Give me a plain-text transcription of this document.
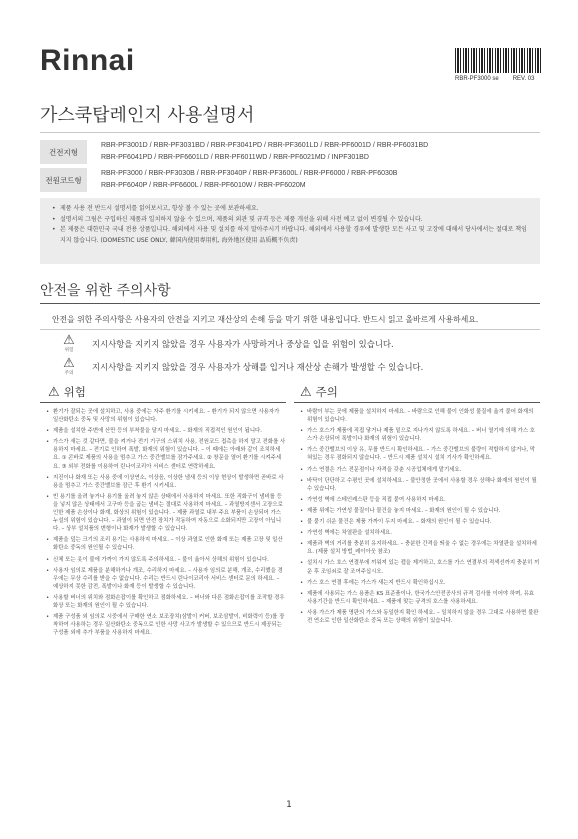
Rinnai
RBR-PF3000 se REV. 03
가스쿡탑레인지 사용설명서
건전지형
RBR-PF3001D / RBR-PF3031BD / RBR-PF3041PD / RBR-PF3601LD / RBR-PF6001D / RBR-PF6031BD
RBR-PF6041PD / RBR-PF6601LD / RBR-PF6011WD / RBR-PF6021MD / INPF301BD
전원코드형
RBR-PF3000 / RBR-PF3030B / RBR-PF3040P / RBR-PF3600L / RBR-PF6000 / RBR-PF6030B
RBR-PF6040P / RBR-PF6600L / RBR-PF6010W / RBR-PF6020M
• 제품 사용 전 반드시 설명서를 읽어보시고, 항상 볼 수 있는 곳에 보관하세요.
• 설명서의 그림은 구입하신 제품과 일치하지 않을 수 있으며, 제품의 외관 및 규격 등은 제품 개선을 위해 사전 예고 없이 변경될 수 있습니다.
• 본 제품은 대한민국 국내 전용 상품입니다. 해외에서 사용 및 설치를 하지 말아주시기 바랍니다. 해외에서 사용할 경우에 발생한 모든 사고 및 고장에 대해서 당사에서는 절대로 책임지지 않습니다. (DOMESTIC USE ONLY, 韓国内使用専用机, 海外地区使用 品质概不负责)
안전을 위한 주의사항
안전을 위한 주의사항은 사용자의 안전을 지키고 재산상의 손해 등을 막기 위한 내용입니다. 반드시 읽고 올바르게 사용하세요.
⚠
위험
지시사항을 지키지 않았을 경우 사용자가 사망하거나 중상을 입을 위험이 있습니다.
⚠
주의
지시사항을 지키지 않았을 경우 사용자가 상해를 입거나 재산상 손해가 발생할 수 있습니다.
⚠ 위험	⚠ 주의
• 환기가 잘되는 곳에 설치하고, 사용 중에는 자주 환기를 시키세요. – 환기가 되지 않으면 사용자가 일산화탄소 중독 및 사망의 위험이 있습니다.
• 제품을 설치한 주변에 산만 등의 부착물을 달지 마세요. – 화재의 직접적인 원인이 됩니다.
• 가스가 새는 것 같다면, 불을 켜거나 전기 기구의 스위치 사용, 전원코드 접촉을 하지 말고 전화를 사용하지 마세요. – 전기로 인하여 폭발, 화재의 위험이 있습니다. – 이 때에는 아래와 같이 조치하세요. ① 콘바로 제품의 사용을 멈추고 가스 중간밸브를 잠가주세요. ② 창문을 열어 환기를 시켜주세요. ③ 외부 전화를 이용하여 린나이코리아 서비스 센터로 연락하세요.
• 지진이나 화재 또는 사용 중에 이상연소, 이상음, 이상한 냄새 등의 이상 현상이 발생하면 곧바로 사용을 멈추고 가스 중간밸브를 잠근 후 환기 시키세요.
• 빈 용기를 올려 놓거나 용기를 올려 놓지 않은 상태에서 사용하지 마세요. 또한 직화구이 냄비를 등을 넣지 않은 상태에서 고구마 등을 굽는 냄비는 절대로 사용하지 마세요. – 과열방지센서 고장으로 인한 제품 손상이나 화재, 화상의 위험이 있습니다. – 제품 과열로 내부 주요 부품이 손상되어 가스 누설의 위험이 있습니다. – 과열이 되면 안전 장치가 작동하여 자동으로 소화되지만 고장이 아닙니다. – 상부 설치품의 변형이나 화재가 발생할 수 있습니다.
• 제품을 덮는 크기의 조리 용기는 사용하지 마세요. – 이상 과열로 인한 화재 또는 제품 고장 및 일산화탄소 중독의 원인될 수 있습니다.
• 신체 또는 옷이 불에 가까이 가지 않도록 주의하세요. – 불이 옮아서 상해의 위험이 있습니다.
• 사용자 임의로 제품을 분해하거나 개조, 수리하지 마세요. – 사용자 임의로 분해, 개조, 수리했을 경우에는 무상 수리를 받을 수 없습니다. 수리는 반드시 린나이코리아 서비스 센터로 문의 하세요. – 예상하지 못한 감전, 폭발이나 화재 등이 발생할 수 있습니다.
• 사용할 버너의 위치와 점화손잡이를 확인하고 점화하세요. – 버너와 다른 점화손잡이를 조작할 경우 화상 또는 화재의 원인이 될 수 있습니다.
• 제품 구성품 외 임의로 시중에서 구매한 연소 보조장치(삼발이 커버, 보조삼발이, 비화력이 등)를 장착하여 사용하는 경우 일산화탄소 중독으로 인한 사망 사고가 발생할 수 있으므로 반드시 제공되는 구성품 외에 추가 부품을 사용하지 마세요.
• 바람이 부는 곳에 제품을 설치하지 마세요. – 바람으로 인해 불이 인화성 물질에 옮겨 붙어 화재의 위험이 있습니다.
• 가스 호스가 제품에 직접 닿거나 제품 밑으로 지나가지 않도록 하세요. – 버너 열기에 의해 가스 호스가 손상되어 폭발이나 화재의 위험이 있습니다.
• 가스 중간밸브의 이상 유, 무를 반드시 확인하세요. – 가스 중간밸브의 불량이 적합하지 않거나, 막혀있는 경우 점화되지 않습니다. – 반드시 제품 설치시 설치 기사가 확인하세요.
• 가스 연결은 가스 전문점이나 자격을 갖춘 시공업체에게 맡기세요.
• 바닥이 단단하고 수평인 곳에 설치하세요. – 불안정한 곳에서 사용할 경우 상해나 화재의 원인이 될 수 있습니다.
• 가연성 벽에 스테인레스판 등을 직접 붙여 사용하지 마세요.
• 제품 위에는 가연성 물질이나 물건을 놓지 마세요. – 화재의 원인이 될 수 있습니다.
• 불 붙기 쉬운 물건은 제품 가까이 두지 마세요. – 화재의 원인이 될 수 있습니다.
• 가연성 벽에는 차열판을 설치하세요.
• 제품과 벽의 거리를 충분히 유지하세요. – 충분한 간격을 띄울 수 없는 경우에는 차열판을 설치하세요. (제품 설치 방법_레이아웃 참조)
• 설치시 가스 호스 연결부에 끼워져 있는 캡을 제거하고, 호스를 가스 연결부의 적색선까지 충분히 끼운 후 조임쇠로 잘 조여주십시오.
• 가스 호스 연결 후에는 가스가 새는지 반드시 확인하십시오.
• 제품에 사용되는 가스 용품은 KS 표준품이나, 한국가스안전공사의 규격 검사를 이어야 하며, 유효 사용기간을 반드시 확인하세요. – 제품에 맞는 규격의 호스를 사용하세요.
• 사용 가스가 제품 명판의 가스와 동일한지 확인 하세요. – 일치하지 않을 경우 그대로 사용하면 불완전 연소로 인한 일산화탄소 중독 또는 상해의 위험이 있습니다.
1
